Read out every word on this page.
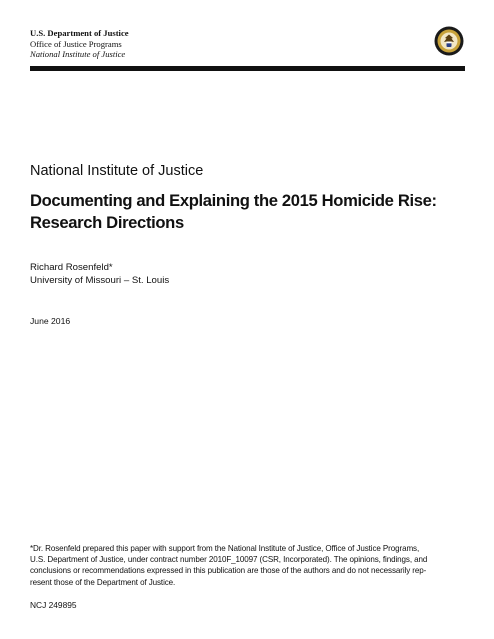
U.S. Department of Justice
Office of Justice Programs
National Institute of Justice
National Institute of Justice
Documenting and Explaining the 2015 Homicide Rise:
Research Directions
Richard Rosenfeld*
University of Missouri – St. Louis
June 2016
*Dr. Rosenfeld prepared this paper with support from the National Institute of Justice, Office of Justice Programs,
U.S. Department of Justice, under contract number 2010F_10097 (CSR, Incorporated). The opinions, findings, and
conclusions or recommendations expressed in this publication are those of the authors and do not necessarily rep-
resent those of the Department of Justice.
NCJ 249895
